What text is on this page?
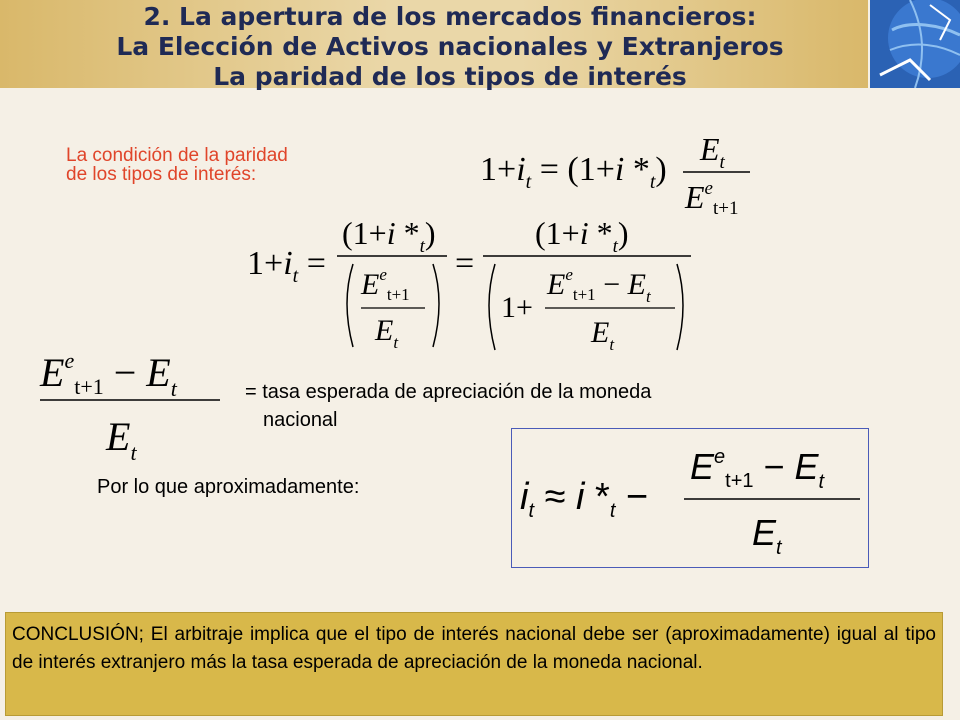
2. La apertura de los mercados financieros:
La Elección de Activos nacionales y Extranjeros
La paridad de los tipos de interés
La condición de la paridad
de los tipos de interés:	$1+i_t = (1+i$ $*_t$)
$E_t$
$E^e_{t+1}$
$1+i_t$ =
(1+i $*_t$)
$E^e_{t+1}$
$E_t$
=
(1+i $*_t$)
1+
$E^e_{t+1} - E_t$
$E_t$
$E^e_{t+1} - E_t$
$E_t$
= tasa esperada de apreciación de la moneda
nacional
Por lo que aproximadamente:	$i_t \approx i$ $*_t$ −
$E^e_{t+1} - E_t$
$E_t$
CONCLUSIÓN; El arbitraje implica que el tipo de interés nacional debe ser (aproximadamente) igual al tipo de interés extranjero más la tasa esperada de apreciación de la moneda nacional.
